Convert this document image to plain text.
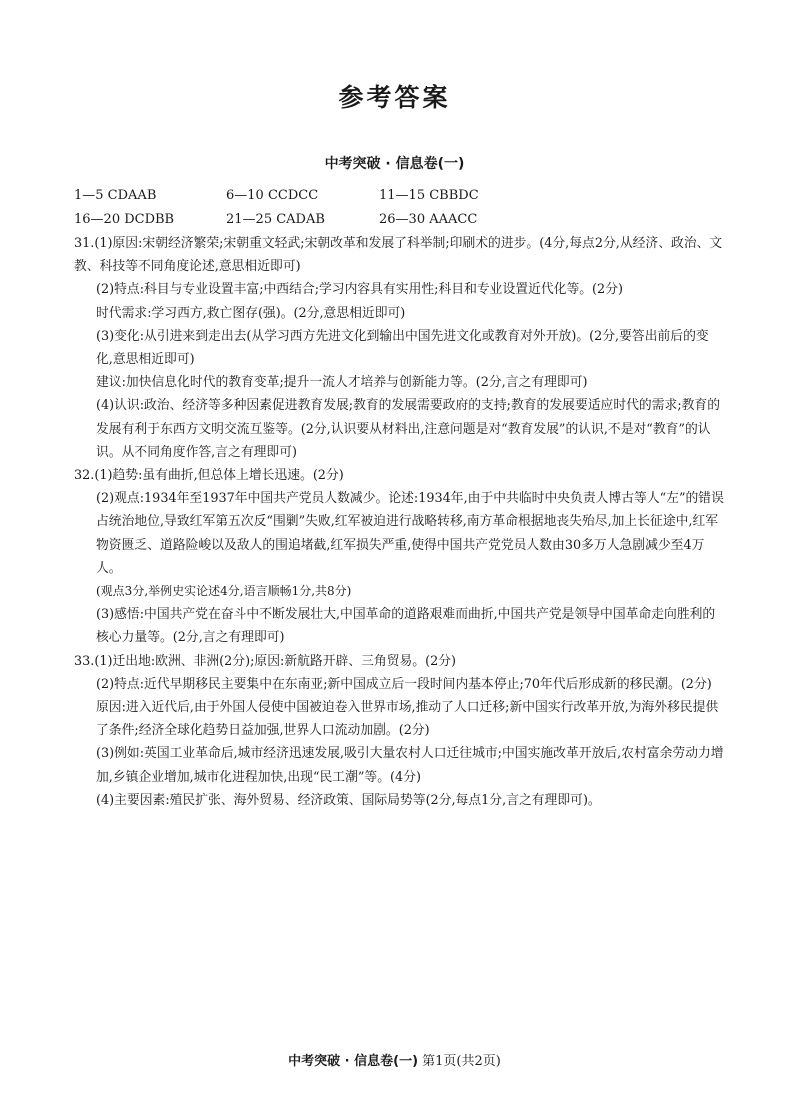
参考答案
中考突破 · 信息卷(一)
1—5 CDAAB	6—10 CCDCC	11—15 CBBDC
16—20 DCDBB	21—25 CADAB	26—30 AAACC

31.(1)原因:宋朝经济繁荣;宋朝重文轻武;宋朝改革和发展了科举制;印刷术的进步。(4分,每点2分,从经济、政治、文教、科技等不同角度论述,意思相近即可)

(2)特点:科目与专业设置丰富;中西结合;学习内容具有实用性;科目和专业设置近代化等。(2分)

时代需求:学习西方,救亡图存(强)。(2分,意思相近即可)

(3)变化:从引进来到走出去(从学习西方先进文化到输出中国先进文化或教育对外开放)。(2分,要答出前后的变化,意思相近即可)

建议:加快信息化时代的教育变革;提升一流人才培养与创新能力等。(2分,言之有理即可)

(4)认识:政治、经济等多种因素促进教育发展;教育的发展需要政府的支持;教育的发展要适应时代的需求;教育的发展有利于东西方文明交流互鉴等。(2分,认识要从材料出,注意问题是对“教育发展”的认识,不是对“教育”的认识。从不同角度作答,言之有理即可)

32.(1)趋势:虽有曲折,但总体上增长迅速。(2分)

(2)观点:1934年至1937年中国共产党员人数减少。论述:1934年,由于中共临时中央负责人博古等人“左”的错误占统治地位,导致红军第五次反“围剿”失败,红军被迫进行战略转移,南方革命根据地丧失殆尽,加上长征途中,红军物资匮乏、道路险峻以及敌人的围追堵截,红军损失严重,使得中国共产党党员人数由30多万人急剧减少至4万人。

(观点3分,举例史实论述4分,语言顺畅1分,共8分)

(3)感悟:中国共产党在奋斗中不断发展壮大,中国革命的道路艰难而曲折,中国共产党是领导中国革命走向胜利的核心力量等。(2分,言之有理即可)

33.(1)迁出地:欧洲、非洲(2分);原因:新航路开辟、三角贸易。(2分)

(2)特点:近代早期移民主要集中在东南亚;新中国成立后一段时间内基本停止;70年代后形成新的移民潮。(2分)原因:进入近代后,由于外国人侵使中国被迫卷入世界市场,推动了人口迁移;新中国实行改革开放,为海外移民提供了条件;经济全球化趋势日益加强,世界人口流动加剧。(2分)

(3)例如:英国工业革命后,城市经济迅速发展,吸引大量农村人口迁往城市;中国实施改革开放后,农村富余劳动力增加,乡镇企业增加,城市化进程加快,出现“民工潮”等。(4分)

(4)主要因素:殖民扩张、海外贸易、经济政策、国际局势等(2分,每点1分,言之有理即可)。

中考突破 · 信息卷(一) 第1页(共2页)
